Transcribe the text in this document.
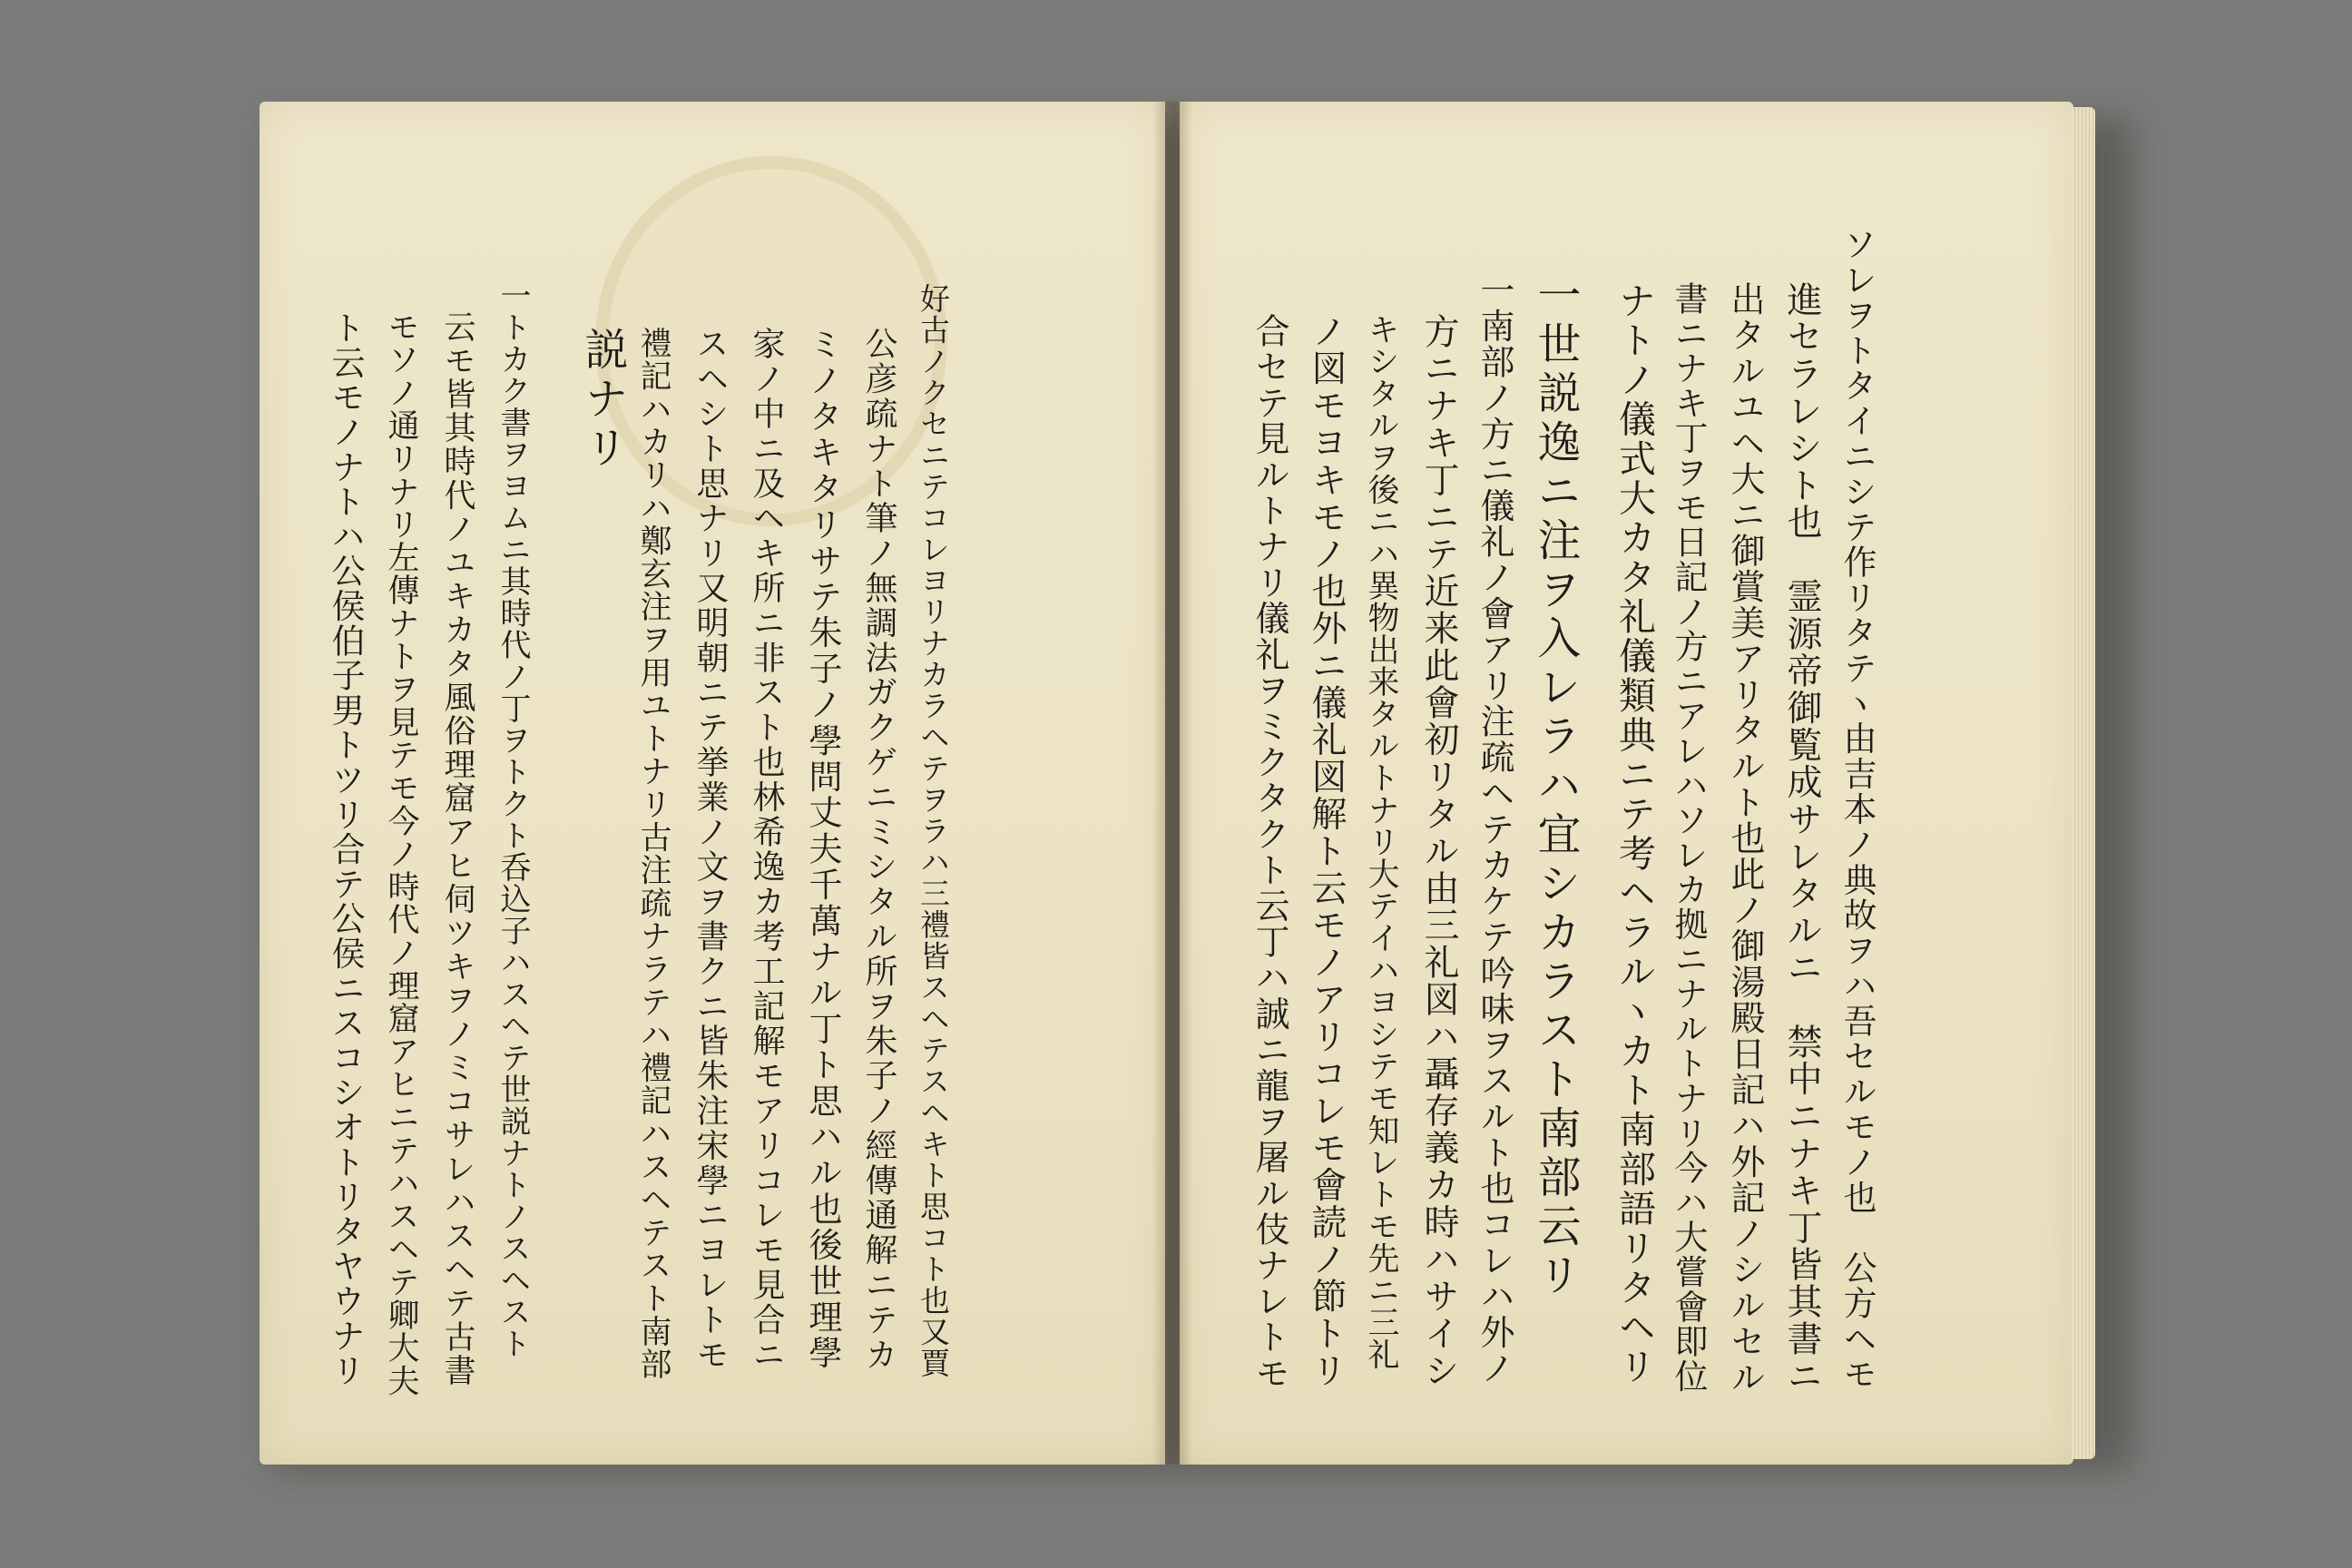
好古ノクセニテコレヨリナカラヘテヲラハ三禮皆スヘテスヘキト思コト也又賈
公彦疏ナト筆ノ無調法ガクゲニミシタル所ヲ朱子ノ經傳通解ニテカ
ミノタキタリサテ朱子ノ學問丈夫千萬ナル丁ト思ハル也後世理學
家ノ中ニ及ヘキ所ニ非スト也林希逸カ考工記解モアリコレモ見合ニ
スヘシト思ナリ又明朝ニテ挙業ノ文ヲ書クニ皆朱注宋學ニヨレトモ
禮記ハカリハ鄭玄注ヲ用ユトナリ古注疏ナラテハ禮記ハスヘテスト南部
説ナリ
一トカク書ヲヨムニ其時代ノ丁ヲトクト呑込子ハスヘテ世説ナトノスヘスト
云モ皆其時代ノユキカタ風俗理窟アヒ伺ツキヲノミコサレハスヘテ古書
モソノ通リナリ左傳ナトヲ見テモ今ノ時代ノ理窟アヒニテハスヘテ卿大夫
ト云モノナトハ公侯伯子男トツリ合テ公侯ニスコシオトリタヤウナリ	ソレヲトタイニシテ作リタテヽ由吉本ノ典故ヲハ吾セルモノ也　公方ヘモ
進セラレシト也　霊源帝御覧成サレタルニ　禁中ニナキ丁皆其書ニ
出タルユヘ大ニ御賞美アリタルト也此ノ御湯殿日記ハ外記ノシルセル
書ニナキ丁ヲモ日記ノ方ニアレハソレカ拠ニナルトナリ今ハ大嘗會即位
ナトノ儀式大カタ礼儀類典ニテ考ヘラルヽカト南部語リタヘリ
一世説逸ニ注ヲ入レラハ宜シカラスト南部云リ
一南部ノ方ニ儀礼ノ會アリ注疏ヘテカケテ吟味ヲスルト也コレハ外ノ
方ニナキ丁ニテ近来此會初リタル由三礼図ハ聶存義カ時ハサイシ
キシタルヲ後ニハ異物出来タルトナリ大テイハヨシテモ知レトモ先ニ三礼
ノ図モヨキモノ也外ニ儀礼図解ト云モノアリコレモ會読ノ節トリ
合セテ見ルトナリ儀礼ヲミクタクト云丁ハ誠ニ龍ヲ屠ル伎ナレトモ
